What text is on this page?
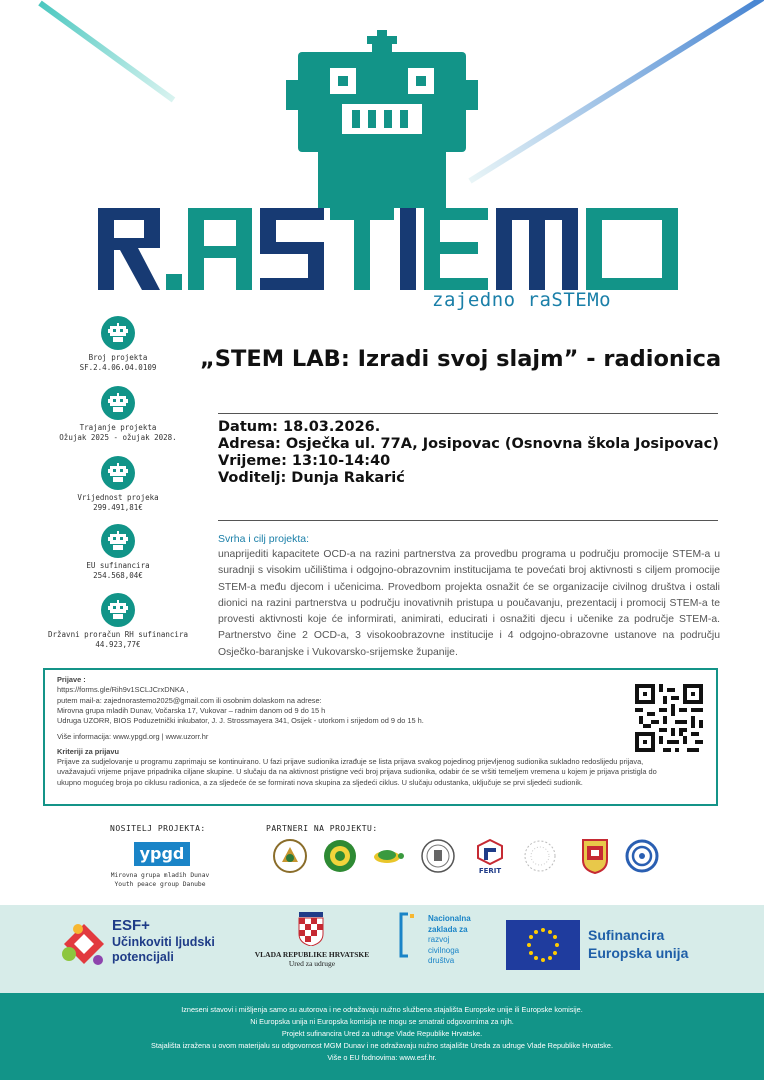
zajedno raSTEMo
Broj projekta
SF.2.4.06.04.0109
Trajanje projekta
Ožujak 2025 - ožujak 2028.
Vrijednost projeka
299.491,81€
EU sufinancira
254.568,04€
Državni proračun RH sufinancira
44.923,77€
„STEM LAB: Izradi svoj slajm” - radionica
Datum: 18.03.2026.
Adresa: Osječka ul. 77A, Josipovac (Osnovna škola Josipovac)
Vrijeme: 13:10-14:40
Voditelj: Dunja Rakarić
Svrha i cilj projekta:
unaprijediti kapacitete OCD-a na razini partnerstva za provedbu programa u području promocije STEM-a u suradnji s visokim učilištima i odgojno-obrazovnim institucijama te povećati broj aktivnosti s ciljem promocije STEM-a među djecom i učenicima. Provedbom projekta osnažit će se organizacije civilnog društva i ostali dionici na razini partnerstva u području inovativnih pristupa u poučavanju, prezentacij i promocij STEM-a te provesti aktivnosti koje će informirati, animirati, educirati i osnažiti djecu i učenike za područje STEM-a. Partnerstvo čine 2 OCD-a, 3 visokoobrazovne institucije i 4 odgojno-obrazovne ustanove na području Osječko-baranjske i Vukovarsko-srijemske županije.

Prijave :

https://forms.gle/Rih9v1SCLJCrxDNKA ,

putem mail-a: zajednorastemo2025@gmail.com ili osobnim dolaskom na adrese:

Mirovna grupa mladih Dunav, Vočarska 17, Vukovar – radnim danom od 9 do 15 h

Udruga UZORR, BIOS Poduzetnički inkubator, J. J. Strossmayera 341, Osijek - utorkom i srijedom od 9 do 15 h.

Više informacija: www.ypgd.org | www.uzorr.hr

Kriteriji za prijavu

Prijave za sudjelovanje u programu zaprimaju se kontinuirano. U fazi prijave sudionika izrađuje se lista prijava svakog pojedinog prijevljenog sudionika sukladno redoslijedu prijava,

uvažavajući vrijeme prijave pripadnika ciljane skupine. U slučaju da na aktivnost pristigne veći broj prijava sudionika, odabir će se vršiti temeljem vremena u kojem je prijava pristigla do

ukupno mogućeg broja po ciklusu radionica, a za sljedeće će se formirati nova skupina za sljedeći ciklus. U slučaju odustanka, uključuje se prvi sljedeći sudionik.

NOSITELJ PROJEKTA:
ypgd
Mirovna grupa mladih Dunav
Youth peace group Danube
PARTNERI NA PROJEKTU:
FERIT
ESF+
Učinkoviti ljudski
potencijali	VLADA REPUBLIKE HRVATSKE
Ured za udruge
Nacionalna
zaklada za
razvoj
civilnoga
društva
Sufinancira
Europska unija
Izneseni stavovi i mišljenja samo su autorova i ne odražavaju nužno službena stajališta Europske unije ili Europske komisije.
Ni Europska unija ni Europska komisija ne mogu se smatrati odgovornima za njih.
Projekt sufinancira Ured za udruge Vlade Republike Hrvatske.
Stajališta izražena u ovom materijalu su odgovornost MGM Dunav i ne odražavaju nužno stajalište Ureda za udruge Vlade Republike Hrvatske.
Više o EU fodnovima: www.esf.hr.
